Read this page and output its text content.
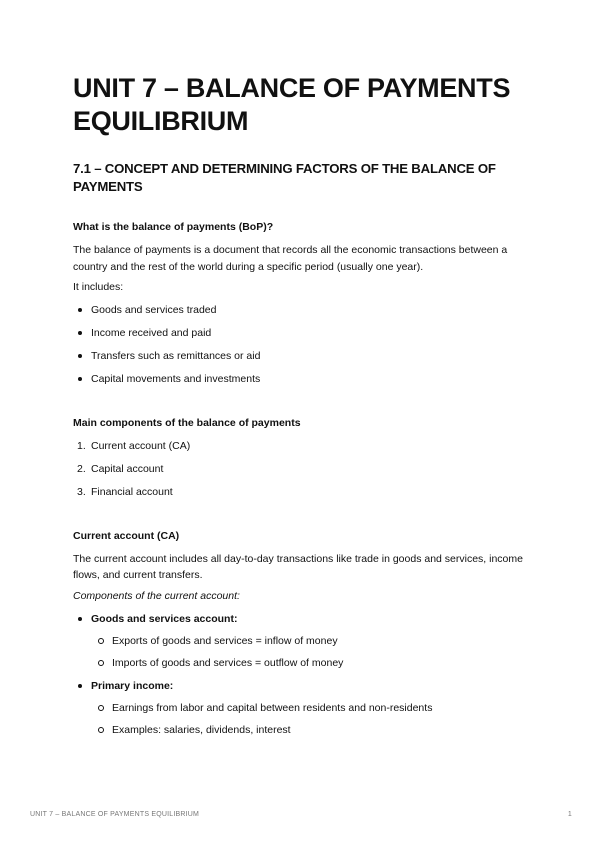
UNIT 7 – BALANCE OF PAYMENTS EQUILIBRIUM
7.1 – CONCEPT AND DETERMINING FACTORS OF THE BALANCE OF PAYMENTS
What is the balance of payments (BoP)?

The balance of payments is a document that records all the economic transactions between a country and the rest of the world during a specific period (usually one year).

It includes:

Goods and services traded
Income received and paid
Transfers such as remittances or aid
Capital movements and investments
Main components of the balance of payments
1. Current account (CA)
2. Capital account
3. Financial account
Current account (CA)

The current account includes all day-to-day transactions like trade in goods and services, income flows, and current transfers.

Components of the current account:

Goods and services account:
Exports of goods and services = inflow of money
Imports of goods and services = outflow of money
Primary income:
Earnings from labor and capital between residents and non-residents
Examples: salaries, dividends, interest
UNIT 7 – BALANCE OF PAYMENTS EQUILIBRIUM	1
